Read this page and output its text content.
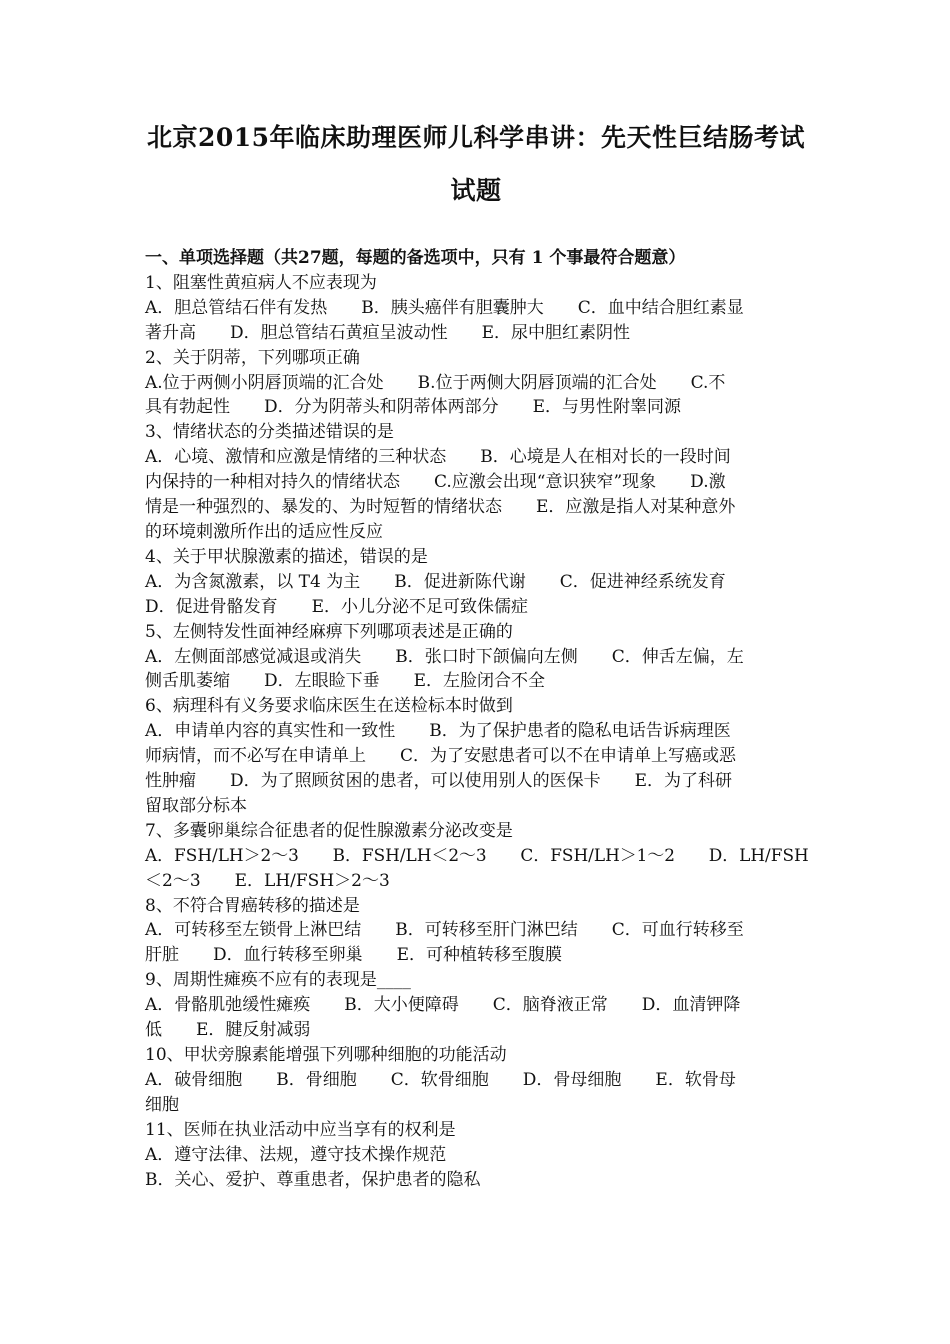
北京2015年临床助理医师儿科学串讲：先天性巨结肠考试
试题
一、单项选择题（共27题，每题的备选项中，只有 1 个事最符合题意）

1、阻塞性黄疸病人不应表现为

A．胆总管结石伴有发热　　B．胰头癌伴有胆囊肿大　　C．血中结合胆红素显

著升高　　D．胆总管结石黄疸呈波动性　　E．尿中胆红素阴性

2、关于阴蒂，下列哪项正确

A.位于两侧小阴唇顶端的汇合处　　B.位于两侧大阴唇顶端的汇合处　　C.不

具有勃起性　　D．分为阴蒂头和阴蒂体两部分　　E．与男性附睾同源

3、情绪状态的分类描述错误的是

A．心境、激情和应激是情绪的三种状态　　B．心境是人在相对长的一段时间

内保持的一种相对持久的情绪状态　　C.应激会出现“意识狭窄”现象　　D.激

情是一种强烈的、暴发的、为时短暂的情绪状态　　E．应激是指人对某种意外

的环境刺激所作出的适应性反应

4、关于甲状腺激素的描述，错误的是

A．为含氮激素，以 T4 为主　　B．促进新陈代谢　　C．促进神经系统发育

D．促进骨骼发育　　E．小儿分泌不足可致侏儒症

5、左侧特发性面神经麻痹下列哪项表述是正确的

A．左侧面部感觉减退或消失　　B．张口时下颌偏向左侧　　C．伸舌左偏，左

侧舌肌萎缩　　D．左眼睑下垂　　E．左脸闭合不全

6、病理科有义务要求临床医生在送检标本时做到

A．申请单内容的真实性和一致性　　B．为了保护患者的隐私电话告诉病理医

师病情，而不必写在申请单上　　C．为了安慰患者可以不在申请单上写癌或恶

性肿瘤　　D．为了照顾贫困的患者，可以使用别人的医保卡　　E．为了科研

留取部分标本

7、多囊卵巢综合征患者的促性腺激素分泌改变是

A．FSH/LH＞2～3　　B．FSH/LH＜2～3　　C．FSH/LH＞1～2　　D．LH/FSH

＜2～3　　E．LH/FSH＞2～3

8、不符合胃癌转移的描述是

A．可转移至左锁骨上淋巴结　　B．可转移至肝门淋巴结　　C．可血行转移至

肝脏　　D．血行转移至卵巢　　E．可种植转移至腹膜

9、周期性瘫痪不应有的表现是____

A．骨骼肌弛缓性瘫痪　　B．大小便障碍　　C．脑脊液正常　　D．血清钾降

低　　E．腱反射减弱

10、甲状旁腺素能增强下列哪种细胞的功能活动

A．破骨细胞　　B．骨细胞　　C．软骨细胞　　D．骨母细胞　　E．软骨母

细胞

11、医师在执业活动中应当享有的权利是

A．遵守法律、法规，遵守技术操作规范

B．关心、爱护、尊重患者，保护患者的隐私
